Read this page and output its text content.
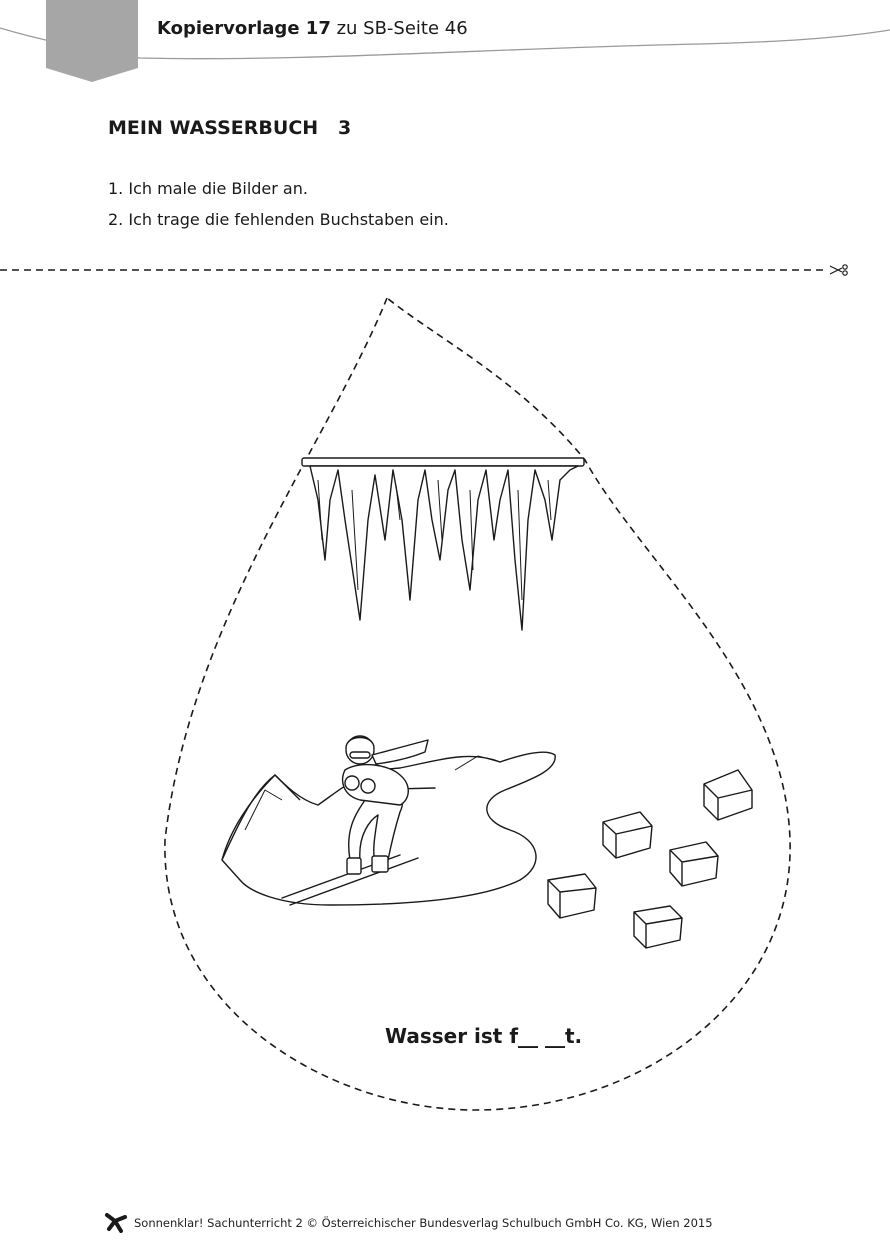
Kopiervorlage 17 zu SB-Seite 46
MEIN WASSERBUCH   3
1. Ich male die Bilder an.
2. Ich trage die fehlenden Buchstaben ein.
Wasser ist f__ __t.
Sonnenklar! Sachunterricht 2 © Österreichischer Bundesverlag Schulbuch GmbH Co. KG, Wien 2015
